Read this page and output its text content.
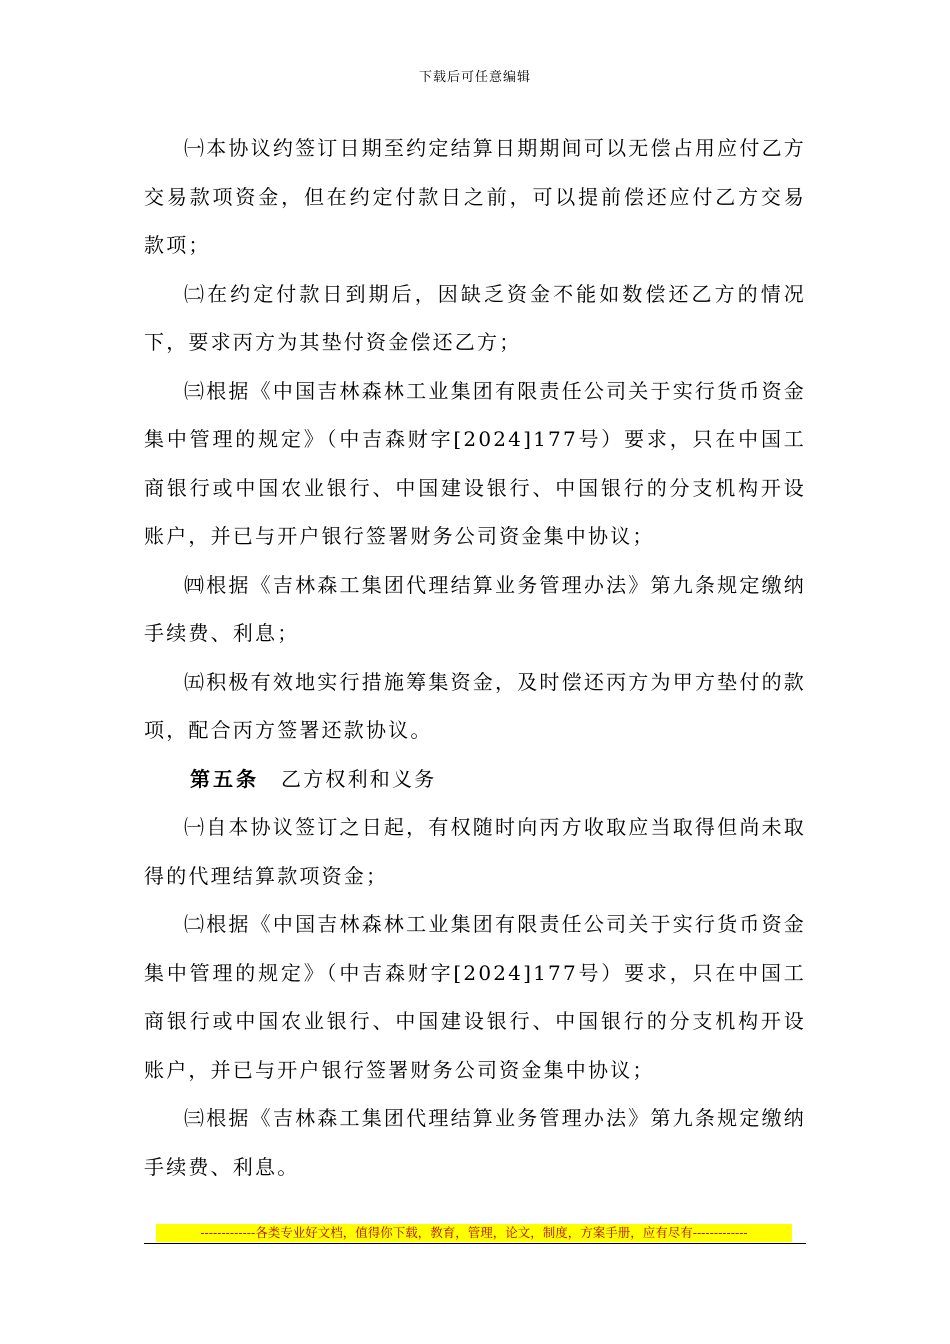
下载后可任意编辑

㈠本协议约签订日期至约定结算日期期间可以无偿占用应付乙方交易款项资金，但在约定付款日之前，可以提前偿还应付乙方交易款项；

㈡在约定付款日到期后，因缺乏资金不能如数偿还乙方的情况下，要求丙方为其垫付资金偿还乙方；

㈢根据《中国吉林森林工业集团有限责任公司关于实行货币资金集中管理的规定》（中吉森财字[2024]177号）要求，只在中国工商银行或中国农业银行、中国建设银行、中国银行的分支机构开设账户，并已与开户银行签署财务公司资金集中协议；

㈣根据《吉林森工集团代理结算业务管理办法》第九条规定缴纳手续费、利息；

㈤积极有效地实行措施筹集资金，及时偿还丙方为甲方垫付的款项，配合丙方签署还款协议。

第五条 乙方权利和义务

㈠自本协议签订之日起，有权随时向丙方收取应当取得但尚未取得的代理结算款项资金；

㈡根据《中国吉林森林工业集团有限责任公司关于实行货币资金集中管理的规定》（中吉森财字[2024]177号）要求，只在中国工商银行或中国农业银行、中国建设银行、中国银行的分支机构开设账户，并已与开户银行签署财务公司资金集中协议；

㈢根据《吉林森工集团代理结算业务管理办法》第九条规定缴纳手续费、利息。

-------------各类专业好文档，值得你下载，教育，管理，论文，制度，方案手册，应有尽有-------------
